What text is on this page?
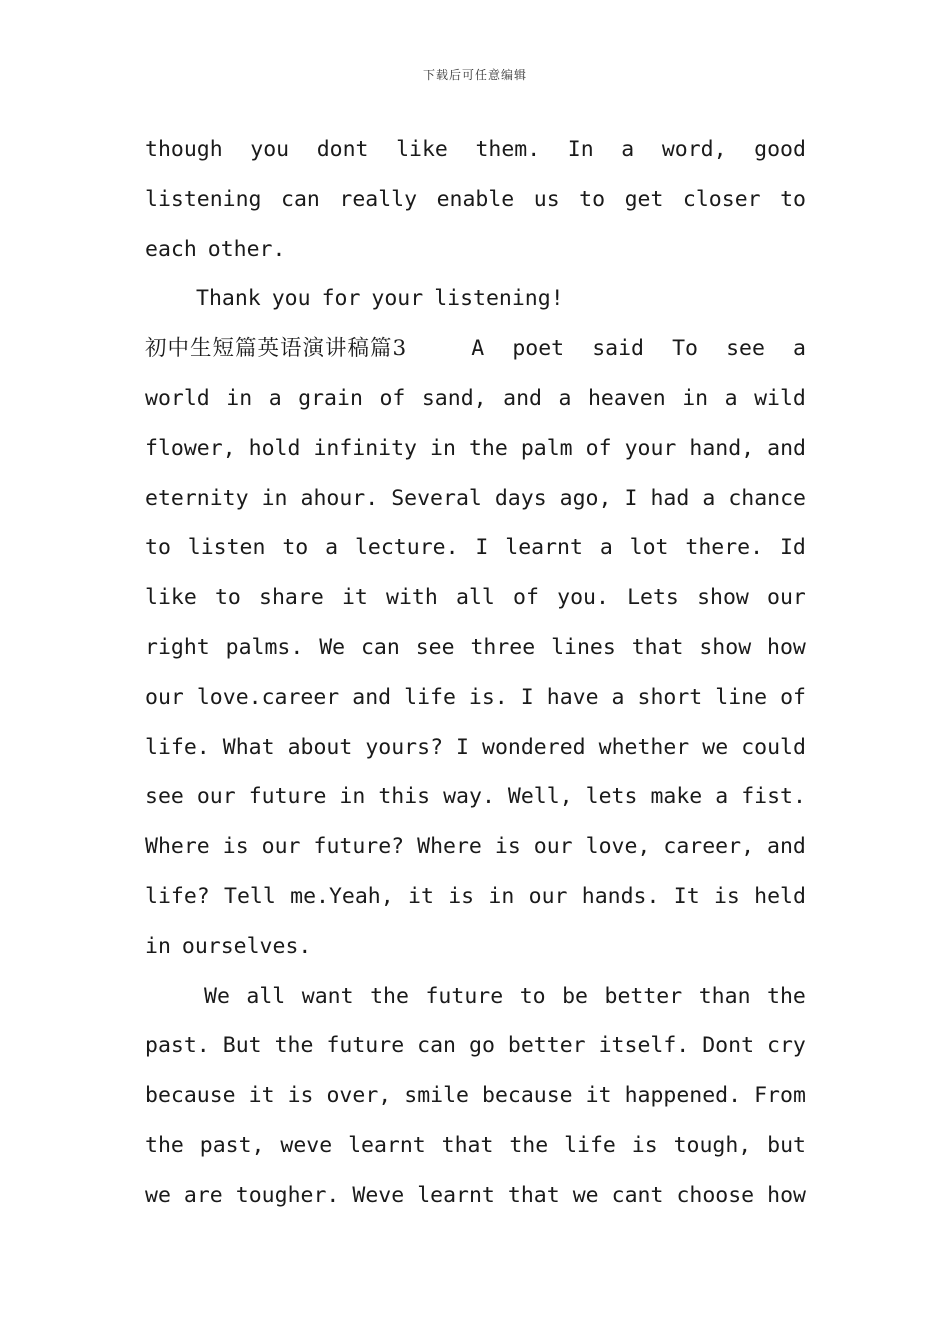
下载后可任意编辑
though you dont like them. In a word, good
listening can really enable us to get closer to
each other.
Thank you for your listening!
初中生短篇英语演讲稿篇3	A poet said To see a
world in a grain of sand, and a heaven in a wild
flower, hold infinity in the palm of your hand, and
eternity in ahour. Several days ago, I had a chance
to listen to a lecture. I learnt a lot there. Id
like to share it with all of you. Lets show our
right palms. We can see three lines that show how
our love.career and life is. I have a short line of
life. What about yours? I wondered whether we could
see our future in this way. Well, lets make a fist.
Where is our future? Where is our love, career, and
life? Tell me.Yeah, it is in our hands. It is held
in ourselves.
We all want the future to be better than the
past. But the future can go better itself. Dont cry
because it is over, smile because it happened. From
the past, weve learnt that the life is tough, but
we are tougher. Weve learnt that we cant choose how
